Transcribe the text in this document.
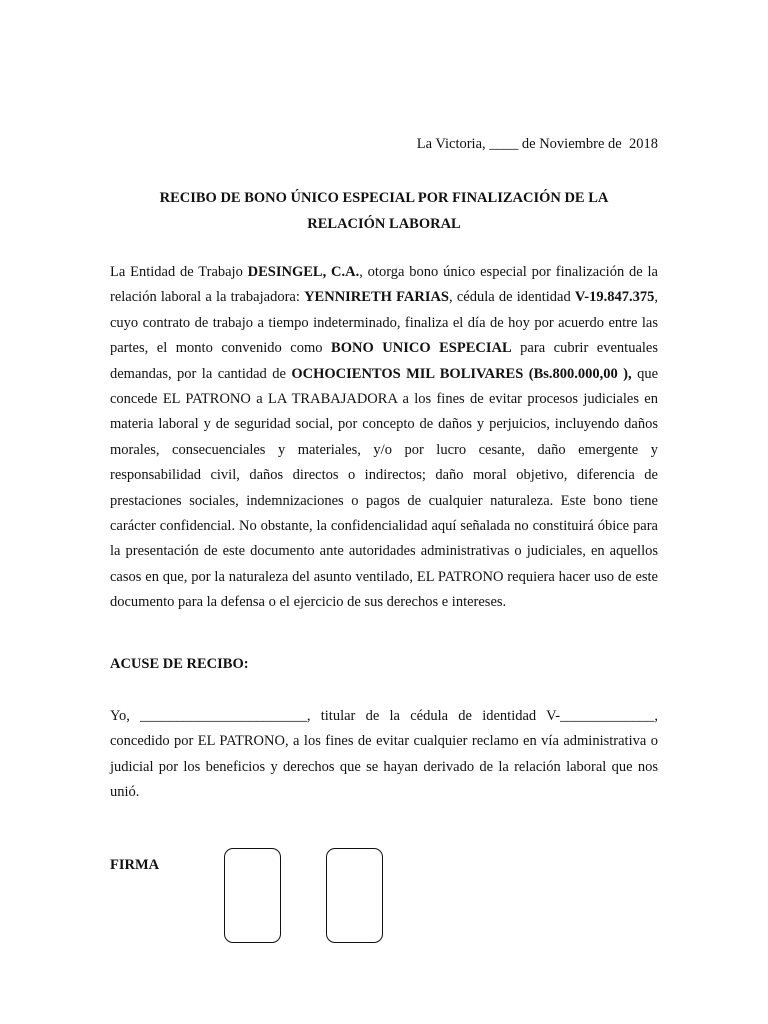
La Victoria, ____ de Noviembre de  2018
RECIBO DE BONO ÚNICO ESPECIAL POR FINALIZACIÓN DE LA
RELACIÓN LABORAL
La Entidad de Trabajo DESINGEL, C.A., otorga bono único especial por finalización de la relación laboral a la trabajadora: YENNIRETH FARIAS, cédula de identidad V-19.847.375, cuyo contrato de trabajo a tiempo indeterminado, finaliza el día de hoy por acuerdo entre las partes, el monto convenido como BONO UNICO ESPECIAL para cubrir eventuales demandas, por la cantidad de OCHOCIENTOS MIL BOLIVARES (Bs.800.000,00 ), que concede EL PATRONO a LA TRABAJADORA a los fines de evitar procesos judiciales en materia laboral y de seguridad social, por concepto de daños y perjuicios, incluyendo daños morales, consecuenciales y materiales, y/o por lucro cesante, daño emergente y responsabilidad civil, daños directos o indirectos; daño moral objetivo, diferencia de prestaciones sociales, indemnizaciones o pagos de cualquier naturaleza. Este bono tiene carácter confidencial. No obstante, la confidencialidad aquí señalada no constituirá óbice para la presentación de este documento ante autoridades administrativas o judiciales, en aquellos casos en que, por la naturaleza del asunto ventilado, EL PATRONO requiera hacer uso de este documento para la defensa o el ejercicio de sus derechos e intereses.
ACUSE DE RECIBO:
Yo, _______________________, titular de la cédula de identidad V-_____________, concedido por EL PATRONO, a los fines de evitar cualquier reclamo en vía administrativa o judicial por los beneficios y derechos que se hayan derivado de la relación laboral que nos unió.
FIRMA
